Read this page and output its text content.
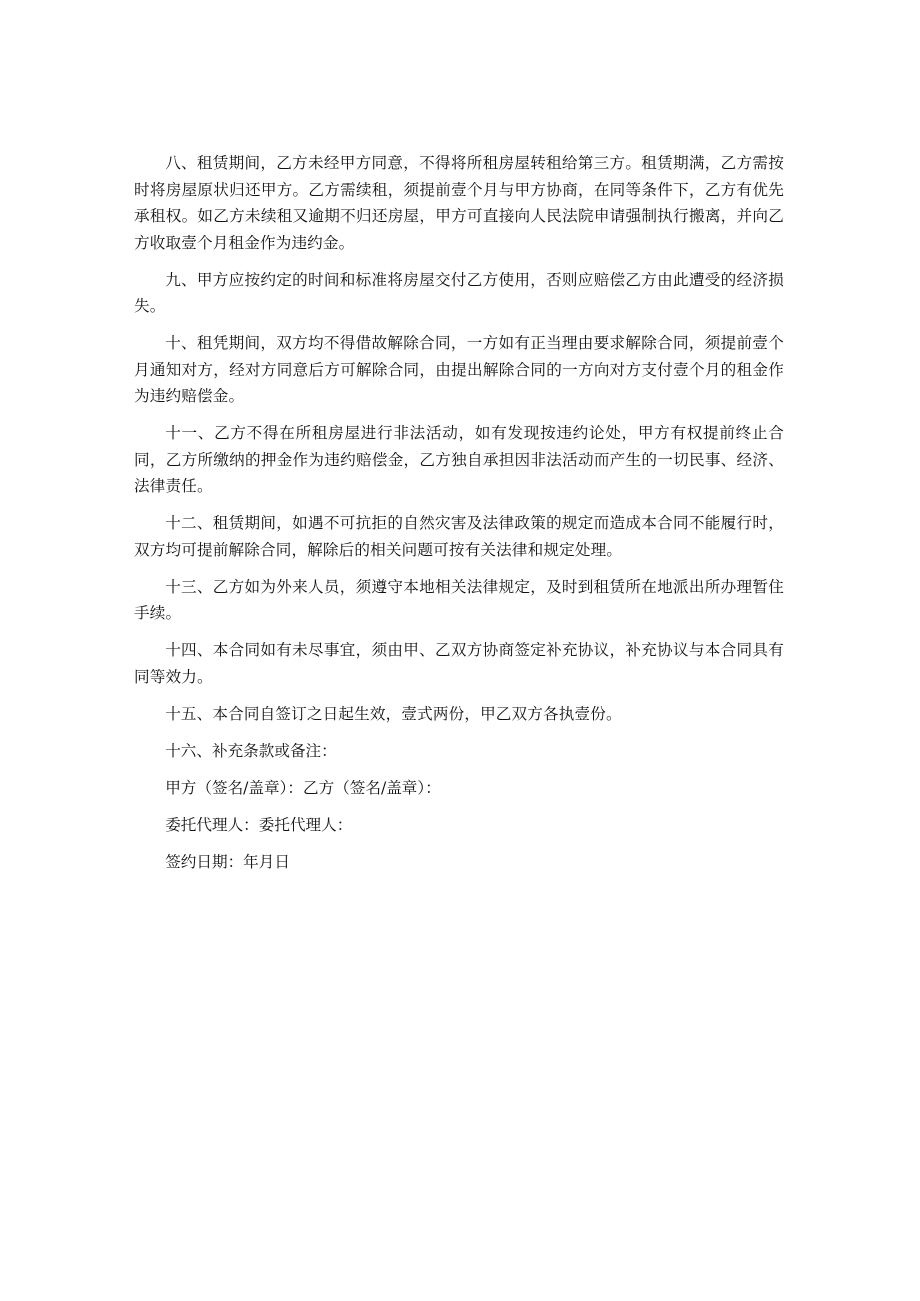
八、租赁期间，乙方未经甲方同意，不得将所租房屋转租给第三方。租赁期满，乙方需按时将房屋原状归还甲方。乙方需续租，须提前壹个月与甲方协商，在同等条件下，乙方有优先承租权。如乙方未续租又逾期不归还房屋，甲方可直接向人民法院申请强制执行搬离，并向乙方收取壹个月租金作为违约金。

九、甲方应按约定的时间和标准将房屋交付乙方使用，否则应赔偿乙方由此遭受的经济损失。

十、租凭期间，双方均不得借故解除合同，一方如有正当理由要求解除合同，须提前壹个月通知对方，经对方同意后方可解除合同，由提出解除合同的一方向对方支付壹个月的租金作为违约赔偿金。

十一、乙方不得在所租房屋进行非法活动，如有发现按违约论处，甲方有权提前终止合同，乙方所缴纳的押金作为违约赔偿金，乙方独自承担因非法活动而产生的一切民事、经济、法律责任。

十二、租赁期间，如遇不可抗拒的自然灾害及法律政策的规定而造成本合同不能履行时，双方均可提前解除合同，解除后的相关问题可按有关法律和规定处理。

十三、乙方如为外来人员，须遵守本地相关法律规定，及时到租赁所在地派出所办理暂住手续。

十四、本合同如有未尽事宜，须由甲、乙双方协商签定补充协议，补充协议与本合同具有同等效力。

十五、本合同自签订之日起生效，壹式两份，甲乙双方各执壹份。

十六、补充条款或备注：

甲方（签名/盖章）：乙方（签名/盖章）：

委托代理人：委托代理人：

签约日期：年月日
